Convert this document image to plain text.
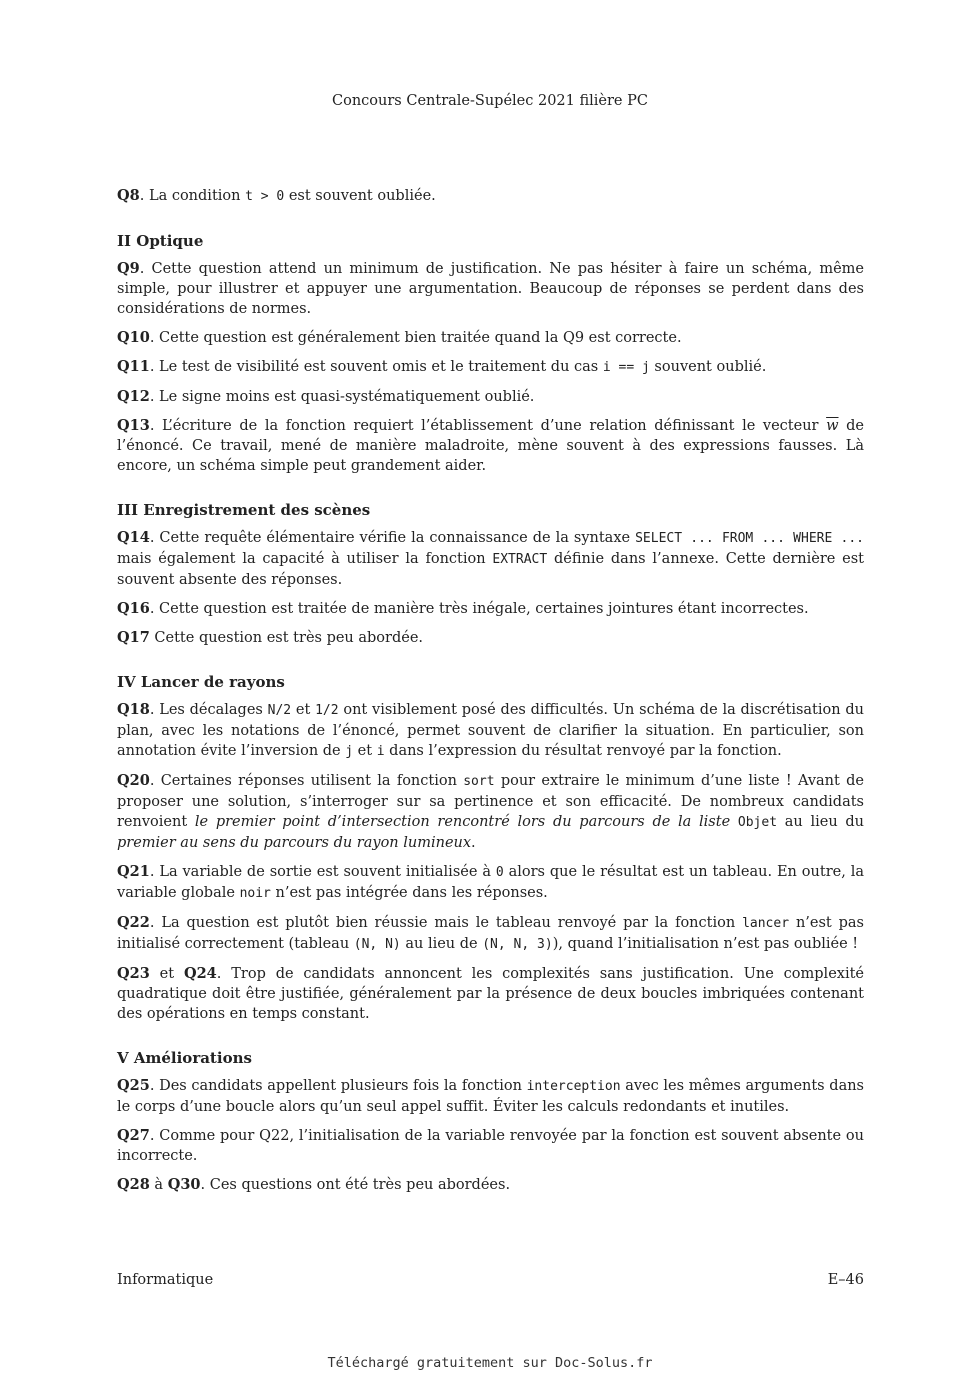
Concours Centrale-Supélec 2021 filière PC

Q8. La condition t > 0 est souvent oubliée.

II Optique

Q9. Cette question attend un minimum de justification. Ne pas hésiter à faire un schéma, même simple, pour illustrer et appuyer une argumentation. Beaucoup de réponses se perdent dans des considérations de normes.

Q10. Cette question est généralement bien traitée quand la Q9 est correcte.

Q11. Le test de visibilité est souvent omis et le traitement du cas i == j souvent oublié.

Q12. Le signe moins est quasi-systématiquement oublié.

Q13. L’écriture de la fonction requiert l’établissement d’une relation définissant le vecteur $\overline{w}$ de l’énoncé. Ce travail, mené de manière maladroite, mène souvent à des expressions fausses. Là encore, un schéma simple peut grandement aider.

III Enregistrement des scènes

Q14. Cette requête élémentaire vérifie la connaissance de la syntaxe SELECT ... FROM ... WHERE ... mais également la capacité à utiliser la fonction EXTRACT définie dans l’annexe. Cette dernière est souvent absente des réponses.

Q16. Cette question est traitée de manière très inégale, certaines jointures étant incorrectes.

Q17 Cette question est très peu abordée.

IV Lancer de rayons

Q18. Les décalages N/2 et 1/2 ont visiblement posé des difficultés. Un schéma de la discrétisation du plan, avec les notations de l’énoncé, permet souvent de clarifier la situation. En particulier, son annotation évite l’inversion de j et i dans l’expression du résultat renvoyé par la fonction.

Q20. Certaines réponses utilisent la fonction sort pour extraire le minimum d’une liste ! Avant de proposer une solution, s’interroger sur sa pertinence et son efficacité. De nombreux candidats renvoient le premier point d’intersection rencontré lors du parcours de la liste Objet au lieu du premier au sens du parcours du rayon lumineux.

Q21. La variable de sortie est souvent initialisée à 0 alors que le résultat est un tableau. En outre, la variable globale noir n’est pas intégrée dans les réponses.

Q22. La question est plutôt bien réussie mais le tableau renvoyé par la fonction lancer n’est pas initialisé correctement (tableau (N, N) au lieu de (N, N, 3)), quand l’initialisation n’est pas oubliée !

Q23 et Q24. Trop de candidats annoncent les complexités sans justification. Une complexité quadratique doit être justifiée, généralement par la présence de deux boucles imbriquées contenant des opérations en temps constant.

V Améliorations

Q25. Des candidats appellent plusieurs fois la fonction interception avec les mêmes arguments dans le corps d’une boucle alors qu’un seul appel suffit. Éviter les calculs redondants et inutiles.

Q27. Comme pour Q22, l’initialisation de la variable renvoyée par la fonction est souvent absente ou incorrecte.

Q28 à Q30. Ces questions ont été très peu abordées.

Informatique	E–46
Téléchargé gratuitement sur Doc-Solus.fr
